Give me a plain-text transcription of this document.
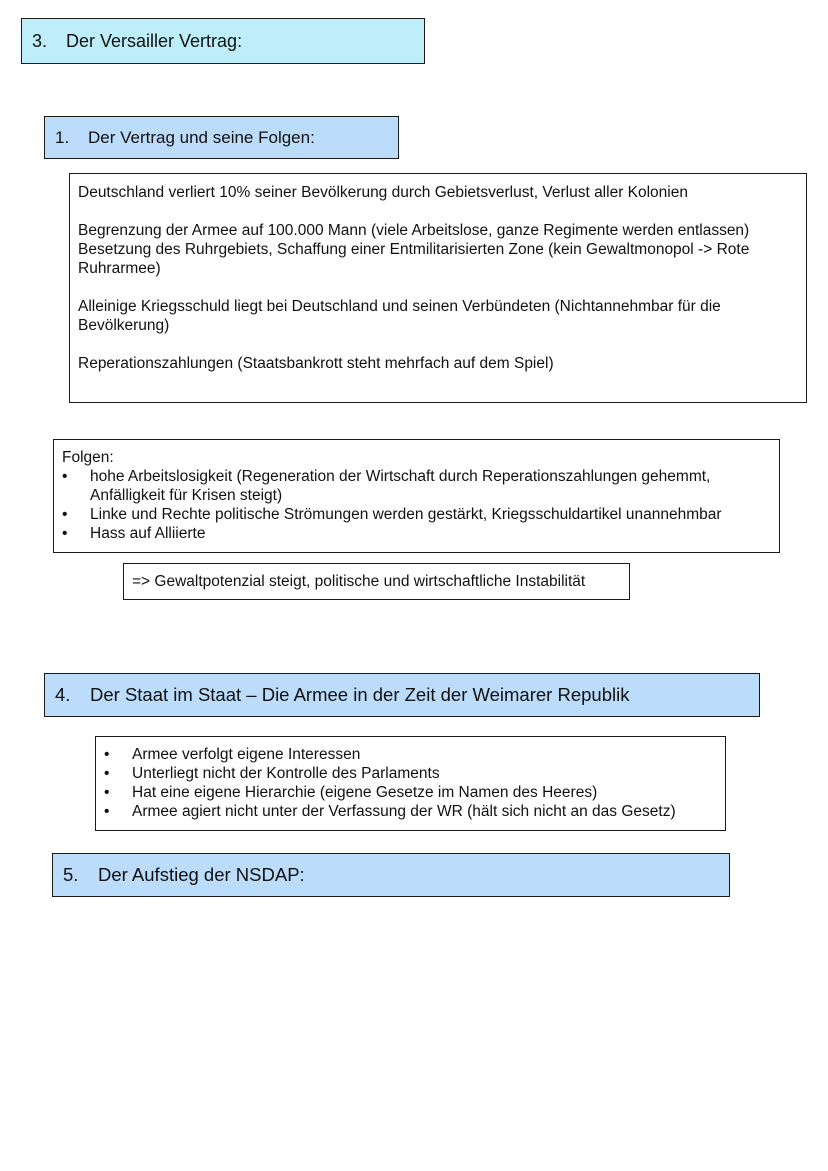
3.	Der Versailler Vertrag:
1.	Der Vertrag und seine Folgen:

Deutschland verliert 10% seiner Bevölkerung durch Gebietsverlust, Verlust aller Kolonien

Begrenzung der Armee auf 100.000 Mann (viele Arbeitslose, ganze Regimente werden entlassen)

Besetzung des Ruhrgebiets, Schaffung einer Entmilitarisierten Zone (kein Gewaltmonopol -> Rote Ruhrarmee)

Alleinige Kriegsschuld liegt bei Deutschland und seinen Verbündeten (Nichtannehmbar für die Bevölkerung)

Reperationszahlungen (Staatsbankrott steht mehrfach auf dem Spiel)

Folgen:

• hohe Arbeitslosigkeit (Regeneration der Wirtschaft durch Reperationszahlungen gehemmt, Anfälligkeit für Krisen steigt)
• Linke und Rechte politische Strömungen werden gestärkt, Kriegsschuldartikel unannehmbar
• Hass auf Alliierte

=> Gewaltpotenzial steigt, politische und wirtschaftliche Instabilität

4.	Der Staat im Staat – Die Armee in der Zeit der Weimarer Republik
• Armee verfolgt eigene Interessen
• Unterliegt nicht der Kontrolle des Parlaments
• Hat eine eigene Hierarchie (eigene Gesetze im Namen des Heeres)
• Armee agiert nicht unter der Verfassung der WR (hält sich nicht an das Gesetz)
5.	Der Aufstieg der NSDAP:
